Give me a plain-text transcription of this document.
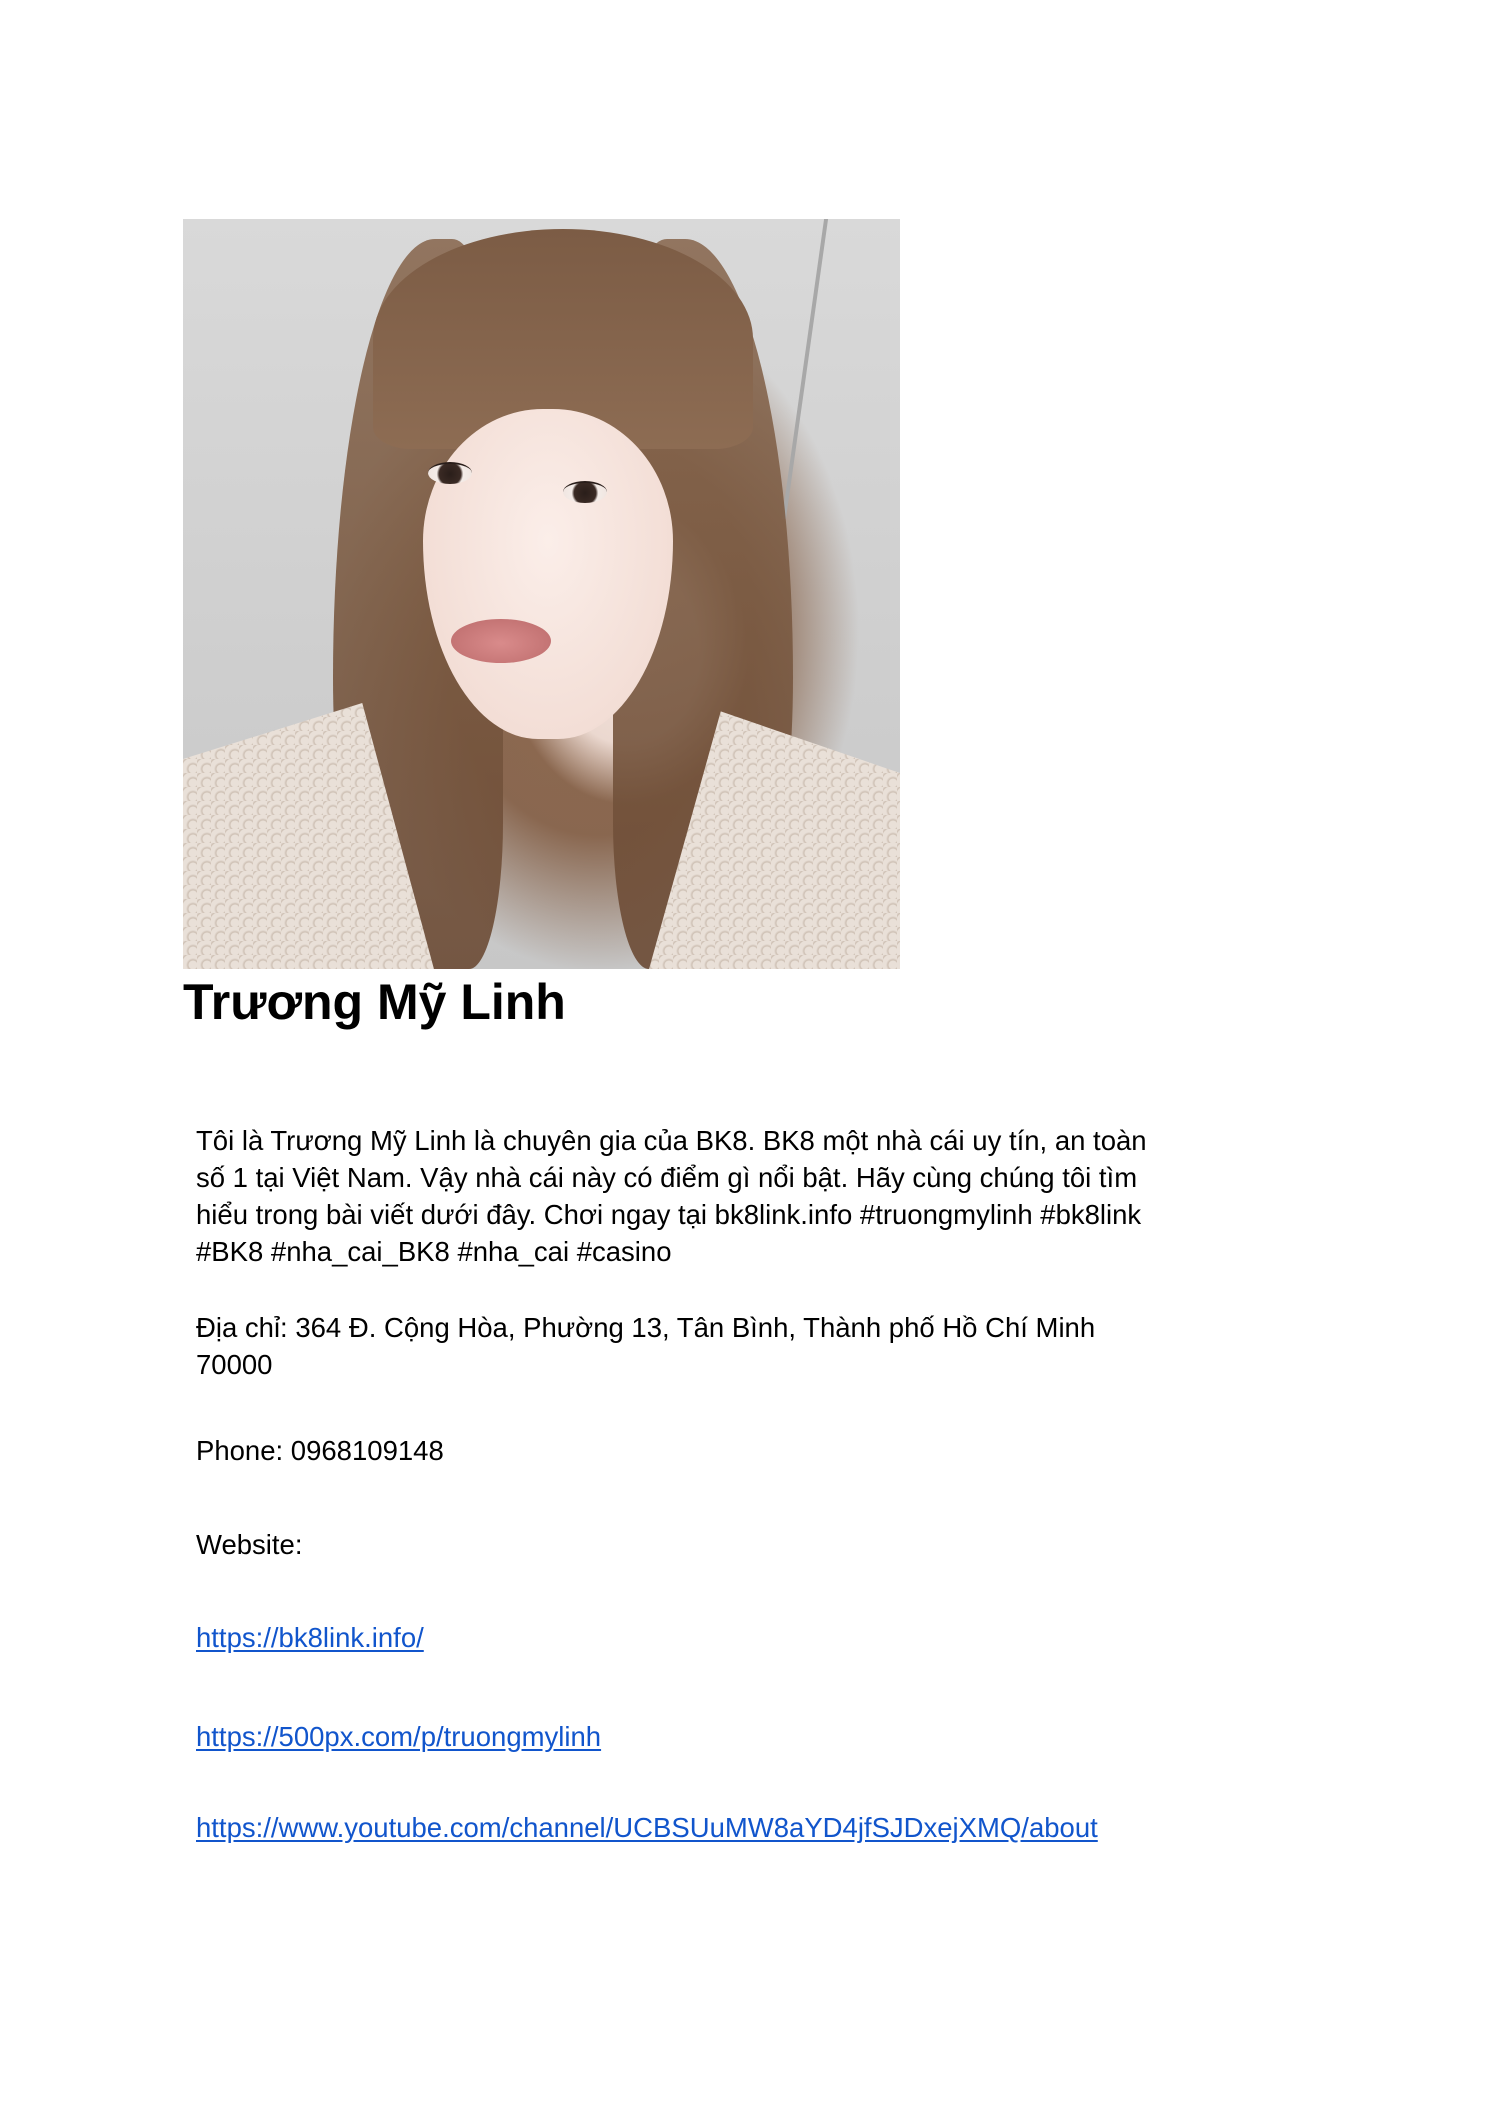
Trương Mỹ Linh

Tôi là Trương Mỹ Linh là chuyên gia của BK8. BK8 một nhà cái uy tín, an toàn số 1 tại Việt Nam. Vậy nhà cái này có điểm gì nổi bật. Hãy cùng chúng tôi tìm hiểu trong bài viết dưới đây. Chơi ngay tại bk8link.info #truongmylinh #bk8link #BK8 #nha_cai_BK8 #nha_cai #casino

Địa chỉ: 364 Đ. Cộng Hòa, Phường 13, Tân Bình, Thành phố Hồ Chí Minh 70000

Phone: 0968109148

Website:

https://bk8link.info/
https://500px.com/p/truongmylinh
https://www.youtube.com/channel/UCBSUuMW8aYD4jfSJDxejXMQ/about
